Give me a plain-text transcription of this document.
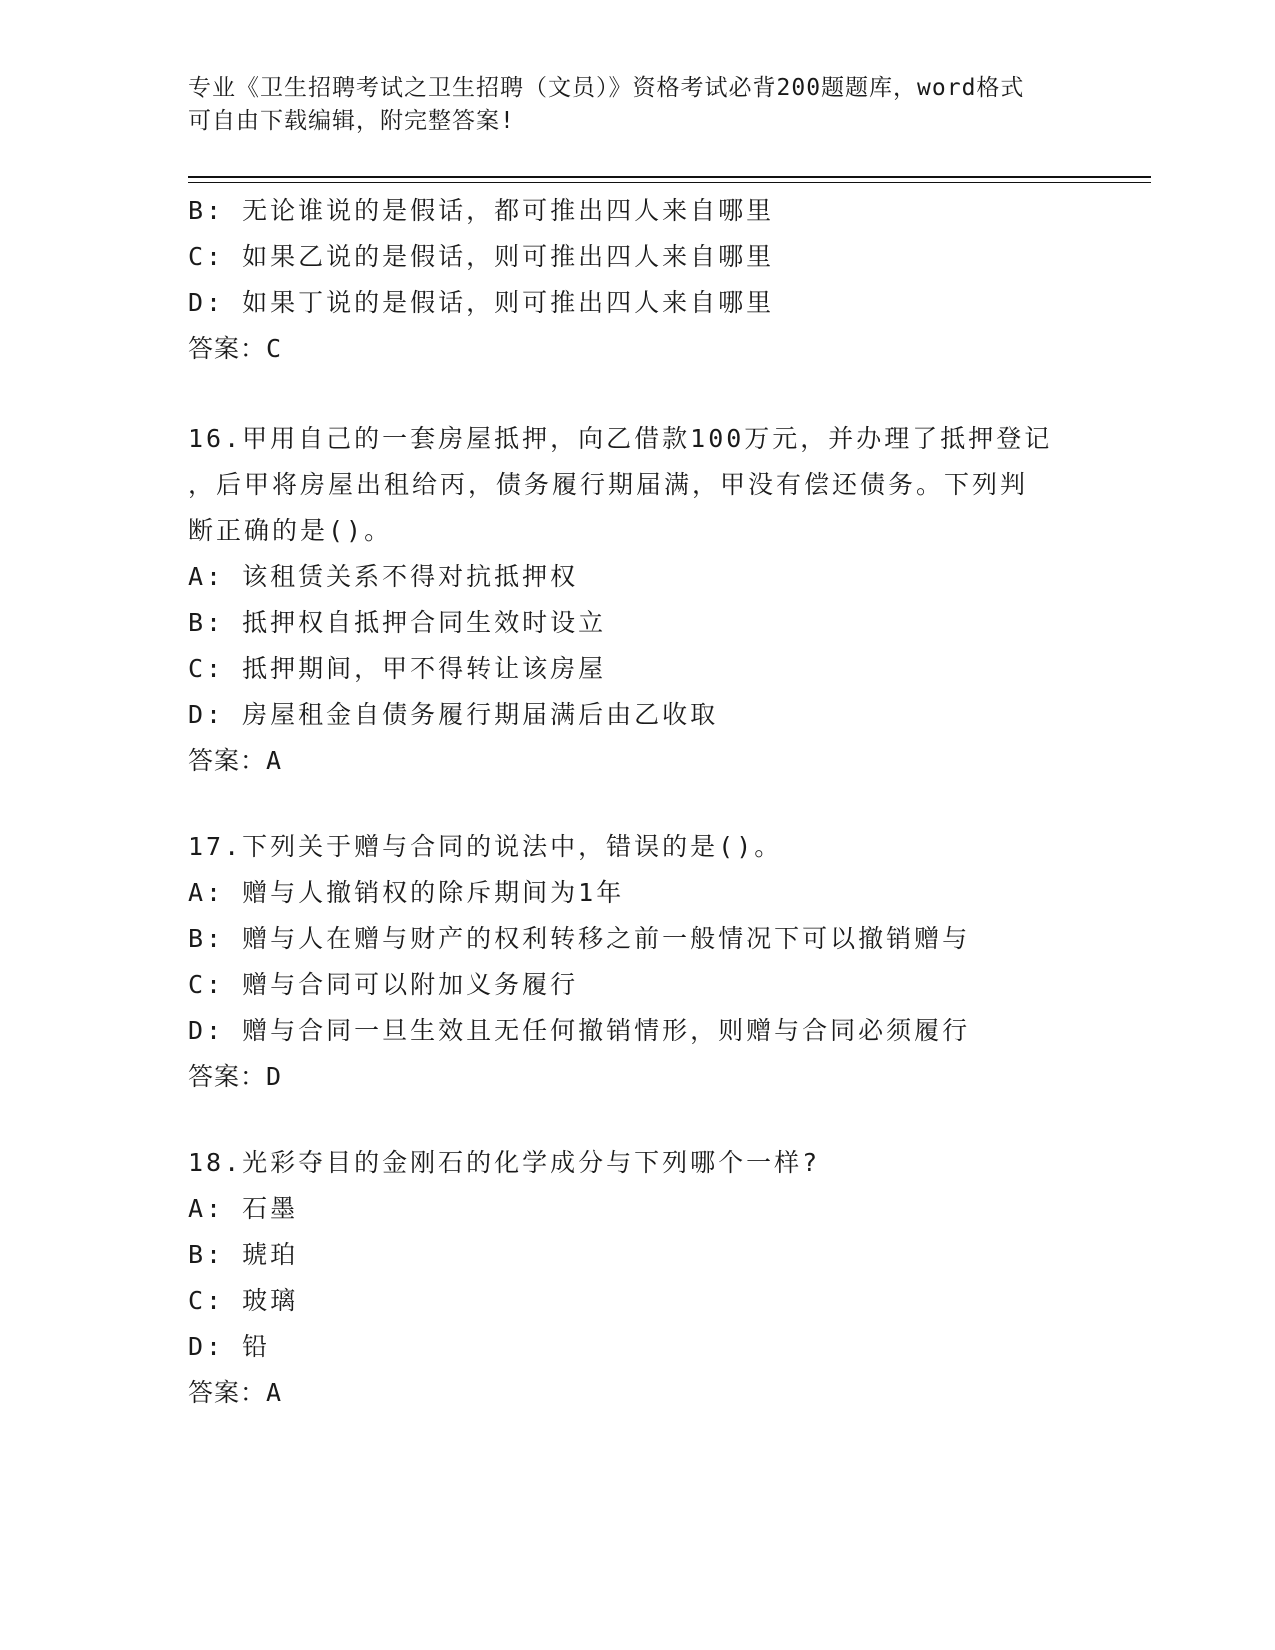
专业《卫生招聘考试之卫生招聘（文员）》资格考试必背200题题库，word格式
可自由下载编辑，附完整答案!
B: 无论谁说的是假话，都可推出四人来自哪里
C: 如果乙说的是假话，则可推出四人来自哪里
D: 如果丁说的是假话，则可推出四人来自哪里
答案：C
16.甲用自己的一套房屋抵押，向乙借款100万元，并办理了抵押登记
，后甲将房屋出租给丙，债务履行期届满，甲没有偿还债务。下列判
断正确的是()。
A: 该租赁关系不得对抗抵押权
B: 抵押权自抵押合同生效时设立
C: 抵押期间，甲不得转让该房屋
D: 房屋租金自债务履行期届满后由乙收取
答案：A
17.下列关于赠与合同的说法中，错误的是()。
A: 赠与人撤销权的除斥期间为1年
B: 赠与人在赠与财产的权利转移之前一般情况下可以撤销赠与
C: 赠与合同可以附加义务履行
D: 赠与合同一旦生效且无任何撤销情形，则赠与合同必须履行
答案：D
18.光彩夺目的金刚石的化学成分与下列哪个一样?
A: 石墨
B: 琥珀
C: 玻璃
D: 铅
答案：A
